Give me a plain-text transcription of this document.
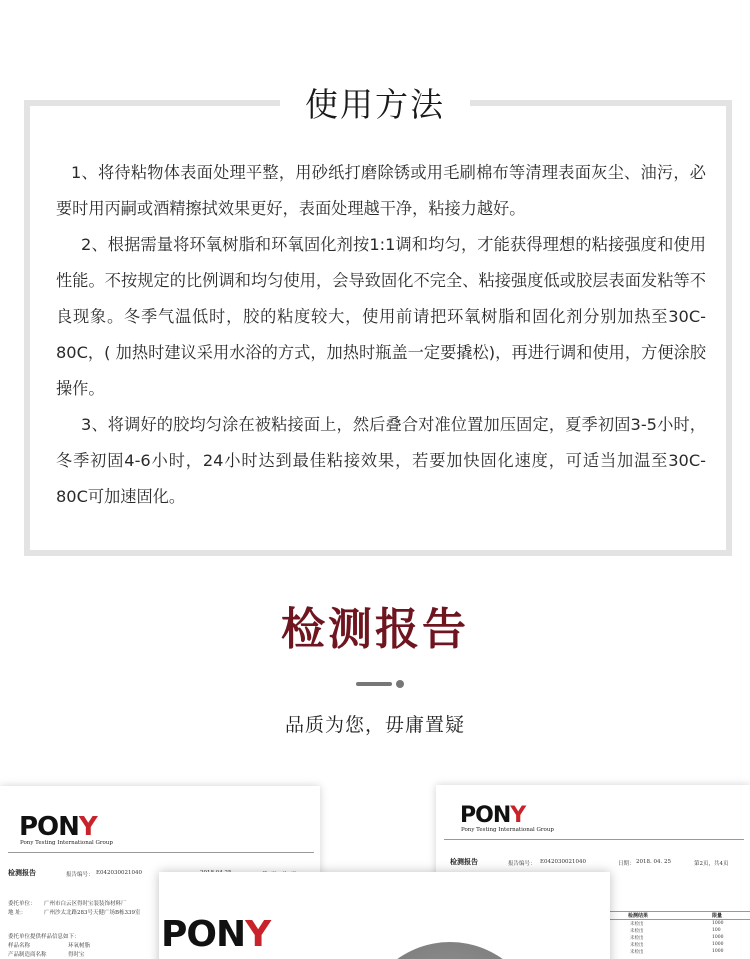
使用方法

1、将待粘物体表面处理平整，用砂纸打磨除锈或用毛刷棉布等清理表面灰尘、油污，必要时用丙嗣或酒精擦拭效果更好，表面处理越干净，粘接力越好。

2、根据需量将环氧树脂和环氧固化剂按1:1调和均匀，才能获得理想的粘接强度和使用性能。不按规定的比例调和均匀使用，会导致固化不完全、粘接强度低或胶层表面发粘等不良现象。冬季气温低时，胶的粘度较大，使用前请把环氧树脂和固化剂分别加热至30C-80C，( 加热时建议采用水浴的方式，加热时瓶盖一定要撬松)，再进行调和使用，方便涂胶操作。

3、将调好的胶均匀涂在被粘接面上，然后叠合对准位置加压固定，夏季初固3-5小时，冬季初固4-6小时，24小时达到最佳粘接效果，若要加快固化速度，可适当加温至30C- 80C可加速固化。

检测报告
品质为您，毋庸置疑
PONY
Pony Testing International Group
检测报告	报告编号： E042030021040
委托单位： 广州市白云区得时宝装装饰材料厂
地 址：	广州沙太北路283号天健广场B栋339室
委托单位提供样品信息如下：
样品名称	环氧树脂
产品制造商名称	得时宝
PONY
Pony Testing International Group
检测报告	报告编号： E042030021040	日期： 2018. 04. 25	第2页，共4页
检测结果	限量
未检出	1000
未检出	100
未检出	1000
未检出	1000
未检出	1000
PONY
